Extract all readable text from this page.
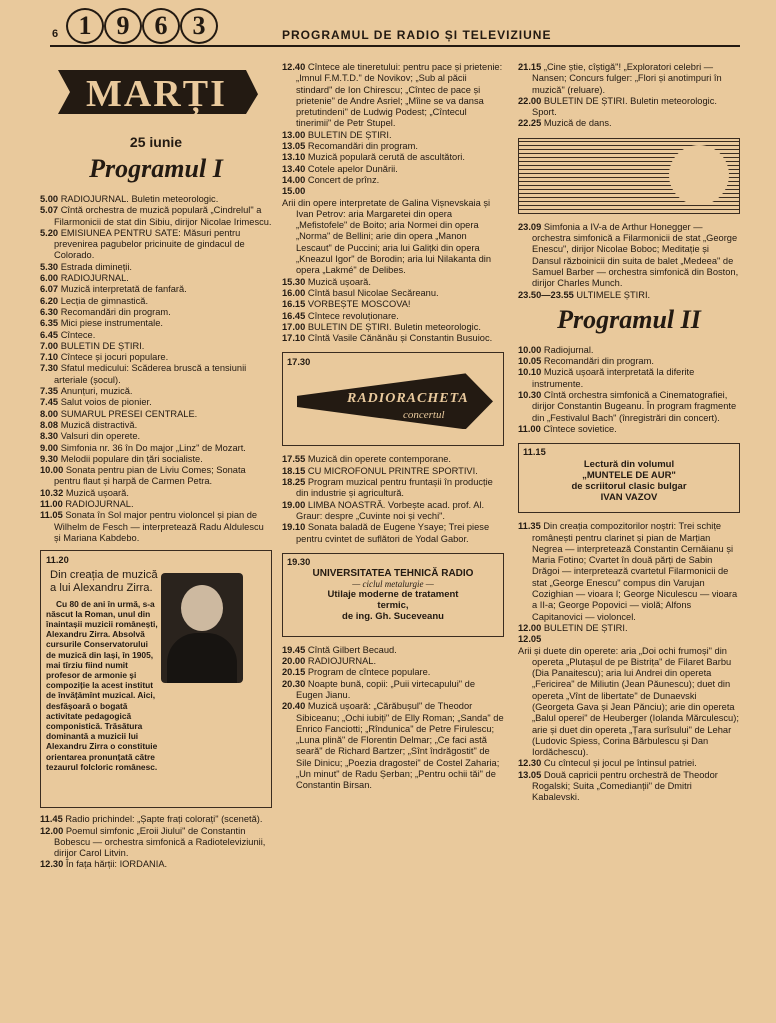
6 1 9 6 3	PROGRAMUL DE RADIO ȘI TELEVIZIUNE
MARȚI
25 iunie
Programul I

5.00 RADIOJURNAL. Buletin meteorologic.

5.07 Cîntă orchestra de muzică populară „Cindrelul" a Filarmonicii de stat din Sibiu, dirijor Nicolae Irimescu.

5.20 EMISIUNEA PENTRU SATE: Măsuri pentru prevenirea pagubelor pricinuite de gindacul de Colorado.

5.30 Estrada dimineții.

6.00 RADIOJURNAL.

6.07 Muzică interpretată de fanfară.

6.20 Lecția de gimnastică.

6.30 Recomandări din program.

6.35 Mici piese instrumentale.

6.45 Cîntece.

7.00 BULETIN DE ȘTIRI.

7.10 Cîntece și jocuri populare.

7.30 Sfatul medicului: Scăderea bruscă a tensiunii arteriale (șocul).

7.35 Anunțuri, muzică.

7.45 Salut voios de pionier.

8.00 SUMARUL PRESEI CENTRALE.

8.08 Muzică distractivă.

8.30 Valsuri din operete.

9.00 Simfonia nr. 36 în Do major „Linz" de Mozart.

9.30 Melodii populare din țări socialiste.

10.00 Sonata pentru pian de Liviu Comes; Sonata pentru flaut și harpă de Carmen Petra.

10.32 Muzică ușoară.

11.00 RADIOJURNAL.

11.05 Sonata în Sol major pentru violoncel și pian de Wilhelm de Fesch — interpretează Radu Aldulescu și Mariana Kabdebo.

11.20
Din creația de muzică a lui Alexandru Zirra.
Cu 80 de ani în urmă, s-a născut la Roman, unul din înaintașii muzicii românești, Alexandru Zirra. Absolvă cursurile Conservatorului de muzică din Iași, în 1905, mai tîrziu fiind numit profesor de armonie și compoziție la acest institut de învățămînt muzical. Aici, desfășoară o bogată activitate pedagogică componistică. Trăsătura dominantă a muzicii lui Alexandru Zirra o constituie orientarea pronunțată către tezaurul folcloric românesc.

11.45 Radio prichindel: „Șapte frați colorați" (scenetă).

12.00 Poemul simfonic „Eroii Jiului" de Constantin Bobescu — orchestra simfonică a Radioteleviziunii, dirijor Carol Litvin.

12.30 În fața hărții: IORDANIA.

12.40 Cîntece ale tineretului: pentru pace și prietenie: „Imnul F.M.T.D." de Novikov; „Sub al păcii stindard" de Ion Chirescu; „Cîntec de pace și prietenie" de Andre Asriel; „Mîine se va dansa pretutindeni" de Ludwig Podest; „Cîntecul tinerimii" de Petr Stupel.

13.00 BULETIN DE ȘTIRI.

13.05 Recomandări din program.

13.10 Muzică populară cerută de ascultători.

13.40 Cotele apelor Dunării.

14.00 Concert de prînz.

15.00

Arii din opere interpretate de Galina Vișnevskaia și Ivan Petrov: aria Margaretei din opera „Mefistofele" de Boito; aria Normei din opera „Norma" de Bellini; arie din opera „Manon Lescaut" de Puccini; aria lui Galițki din opera „Kneazul Igor" de Borodin; aria lui Nilakanta din opera „Lakmé" de Delibes.

15.30 Muzică ușoară.

16.00 Cîntă basul Nicolae Secăreanu.

16.15 VORBEȘTE MOSCOVA!

16.45 Cîntece revoluționare.

17.00 BULETIN DE ȘTIRI. Buletin meteorologic.

17.10 Cîntă Vasile Cănănău și Constantin Busuioc.

17.30
RADIORACHETA
concertul

17.55 Muzică din operete contemporane.

18.15 CU MICROFONUL PRINTRE SPORTIVI.

18.25 Program muzical pentru fruntașii în producție din industrie și agricultură.

19.00 LIMBA NOASTRĂ. Vorbește acad. prof. Al. Graur: despre „Cuvinte noi și vechi".

19.10 Sonata baladă de Eugene Ysaye; Trei piese pentru cvintet de suflători de Yodal Gabor.

19.30
UNIVERSITATEA TEHNICĂ RADIO
— ciclul metalurgie —
Utilaje moderne de tratament
termic,
de ing. Gh. Suceveanu

19.45 Cîntă Gilbert Becaud.

20.00 RADIOJURNAL.

20.15 Program de cîntece populare.

20.30 Noapte bună, copii: „Puii virtecapului" de Eugen Jianu.

20.40 Muzică ușoară: „Cărăbușul" de Theodor Sibiceanu; „Ochi iubiți" de Elly Roman; „Sanda" de Enrico Fanciotti; „Rîndunica" de Petre Firulescu; „Luna plină" de Florentin Delmar; „Ce faci astă seară" de Richard Bartzer; „Sînt îndrăgostit" de Sile Dinicu; „Poezia dragostei" de Costel Zaharia; „Un minut" de Radu Șerban; „Pentru ochii tăi" de Constantin Birsan.

21.15 „Cine știe, cîștigă"! „Exploratori celebri — Nansen; Concurs fulger: „Flori și anotimpuri în muzică" (reluare).

22.00 BULETIN DE ȘTIRI. Buletin meteorologic. Sport.

22.25 Muzică de dans.

23.09 Simfonia a IV-a de Arthur Honegger — orchestra simfonică a Filarmonicii de stat „George Enescu", dirijor Nicolae Boboc; Meditație și Dansul războinicii din suita de balet „Medeea" de Samuel Barber — orchestra simfonică din Boston, dirijor Charles Munch.

23.50—23.55 ULTIMELE ȘTIRI.

Programul II

10.00 Radiojurnal.

10.05 Recomandări din program.

10.10 Muzică ușoară interpretată la diferite instrumente.

10.30 Cîntă orchestra simfonică a Cinematografiei, dirijor Constantin Bugeanu. În program fragmente din „Festivalul Bach" (înregistrări din concert).

11.00 Cîntece sovietice.

11.15
Lectură din volumul
„MUNTELE DE AUR"
de scriitorul clasic bulgar
IVAN VAZOV

11.35 Din creația compozitorilor noștri: Trei schițe românești pentru clarinet și pian de Marțian Negrea — interpretează Constantin Cernăianu și Maria Fotino; Cvartet în două părți de Sabin Drăgoi — interpretează cvartetul Filarmonicii de stat „George Enescu" compus din Varujan Cozighian — vioara I; George Niculescu — vioara a II-a; George Popovici — violă; Alfons Capitanovici — violoncel.

12.00 BULETIN DE ȘTIRI.

12.05

Arii și duete din operete: aria „Doi ochi frumoși" din opereta „Plutașul de pe Bistrița" de Filaret Barbu (Dia Panaitescu); aria lui Andrei din opereta „Fericirea" de Miliutin (Jean Păunescu); duet din opereta „Vînt de libertate" de Dunaevski (Georgeta Gava și Jean Pănciu); arie din opereta „Balul operei" de Heuberger (Iolanda Mărculescu); arie și duet din opereta „Țara surîsului" de Lehar (Ludovic Spiess, Corina Bărbulescu și Dan Iordăchescu).

12.30 Cu cîntecul și jocul pe întinsul patriei.

13.05 Două capricii pentru orchestră de Theodor Rogalski; Suita „Comedianții" de Dmitri Kabalevski.
